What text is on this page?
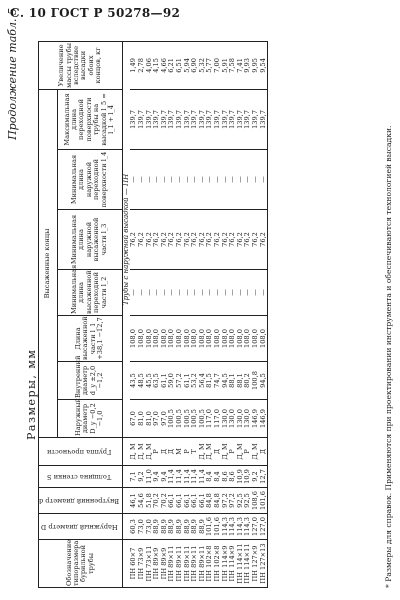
С. 10 ГОСТ Р 50278—92
Продолжение табл. 5
Размеры, мм
Обозначение типоразмера бурильной трубы	Наружный диаметр D	Внутренний диаметр d	Толщина стенки S	Группа прочности	Высаженные концы							Увеличение массы трубы вследствие высадки обоих концов, кг
					Наружный диаметр D_у −0,2 −1,0	Внутренний диаметр d_у ±2,0 −1,2	Длина высаженной части l_1 +38,1 −12,7	Минимальная длина высаженной переходной части l_2	Минимальная длина наружной высаженной части l_3	Минимальная длина наружной переходной поверхности l_4	Максимальная длина переходной поверхности трубы на высадкой l_5 = l_1 + l_4	
					Трубы с наружной высадкой — ПН							
ПН 60×7	60,3	46,1	7,1	Д, М	67,0	43,5	108,0	—	76,2	—	139,7	1,49
ПН 73×9	73,0	54,6	9,2	Д, М	81,0	48,5	108,0	—	76,2	—	139,7	2,78
ПН 73×11	73,0	51,8	11,0	Д, М	81,0	45,5	108,0	—	76,2	—	139,7	4,06
ПН 89×9	88,9	70,2	9,4	Р	97,0	63,5	108,0	—	76,2	—	139,7	4,15
ПН 89×9	88,9	70,2	9,4	Д	97,0	61,1	108,0	—	76,2	—	139,7	4,66
ПН 89×11	88,9	66,1	11,4	Д	100,5	59,0	108,0	—	76,2	—	139,7	6,21
ПН 89×11	88,9	66,1	11,4	М	100,5	57,2	108,0	—	76,2	—	139,7	6,51
ПН 89×11	88,9	66,1	11,4	Р	100,5	61,1	108,0	—	76,2	—	139,7	5,94
ПН 89×11	88,9	66,1	11,4	Т	100,5	53,2	108,0	—	76,2	—	139,7	6,90
ПН 89×11	88,9	66,1	11,4	Д, М	100,5	56,4	108,0	—	76,2	—	139,7	5,32
ПН 102×8	101,6	84,8	8,4	Д, М	117,0	81,5	108,0	—	76,2	—	139,7	5,77
ПН 102×8	101,6	84,8	8,4	Д	117,0	74,7	108,0	—	76,2	—	139,7	7,00
ПН 114×9	114,3	97,2	8,6	Д, М	130,0	94,5	108,0	—	76,2	—	139,7	5,91
ПН 114×9	114,3	97,2	8,6	Р	130,0	88,1	108,0	—	76,2	—	139,7	7,58
ПН 114×11	114,3	92,5	10,9	Д, М	130,0	88,1	108,0	—	76,2	—	139,7	7,41
ПН 114×11	114,3	92,5	10,9	Р	130,0	80,2	108,0	—	76,2	—	139,7	9,93
ПН 127×9	127,0	108,6	9,2	Д, М	146,9	100,8	108,0	—	76,2	—	139,7	9,95
ПН 127×13	127,0	101,6	12,7	Д	146,9	94,5	108,0	—	76,2	—	139,7	9,54
* Размеры для справок. Применяются при проектировании инструмента и обеспечиваются технологией высадки.
